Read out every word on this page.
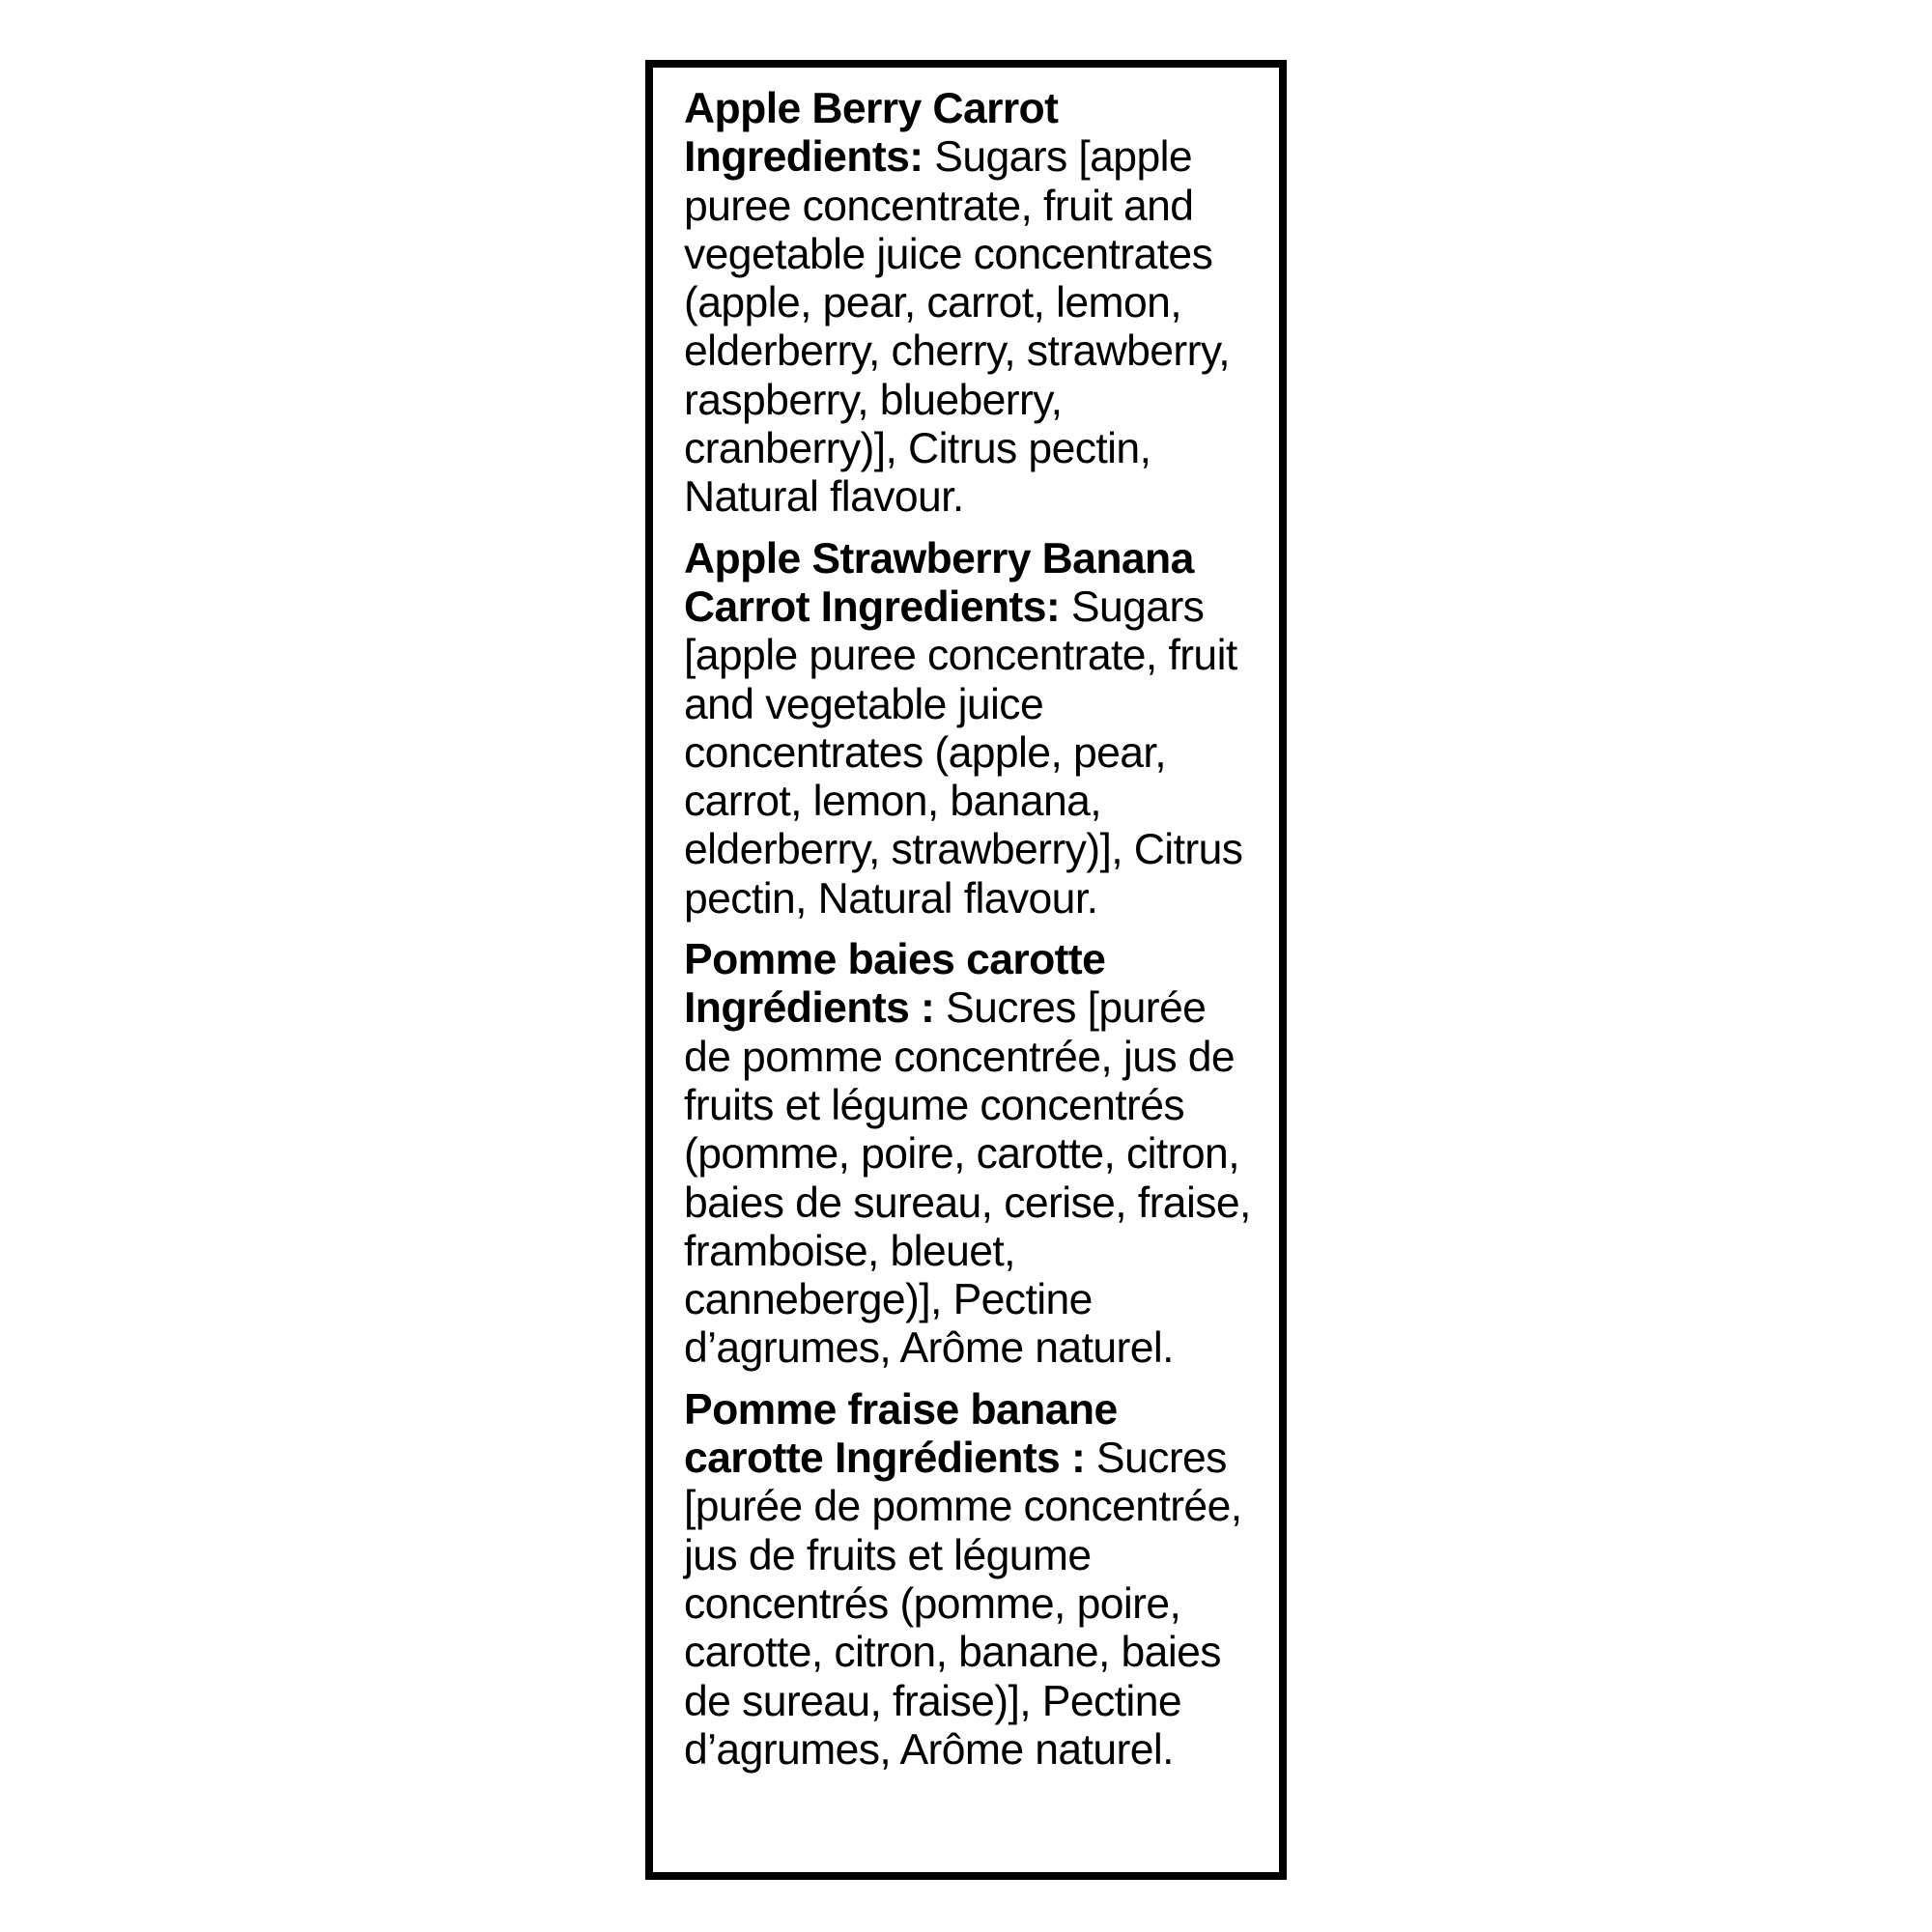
Apple Berry Carrot Ingredients: Sugars [apple puree concentrate, fruit and vegetable juice concentrates (apple, pear, carrot, lemon, elderberry, cherry, strawberry, raspberry, blueberry, cranberry)], Citrus pectin, Natural flavour.

Apple Strawberry Banana Carrot Ingredients: Sugars [apple puree concentrate, fruit and vegetable juice concentrates (apple, pear, carrot, lemon, banana, elderberry, strawberry)], Citrus pectin, Natural flavour.

Pomme baies carotte Ingrédients : Sucres [purée de pomme concentrée, jus de fruits et légume concentrés (pomme, poire, carotte, citron, baies de sureau, cerise, fraise, framboise, bleuet, canneberge)], Pectine d’agrumes, Arôme naturel.

Pomme fraise banane carotte Ingrédients : Sucres [purée de pomme concentrée, jus de fruits et légume concentrés (pomme, poire, carotte, citron, banane, baies de sureau, fraise)], Pectine d’agrumes, Arôme naturel.
